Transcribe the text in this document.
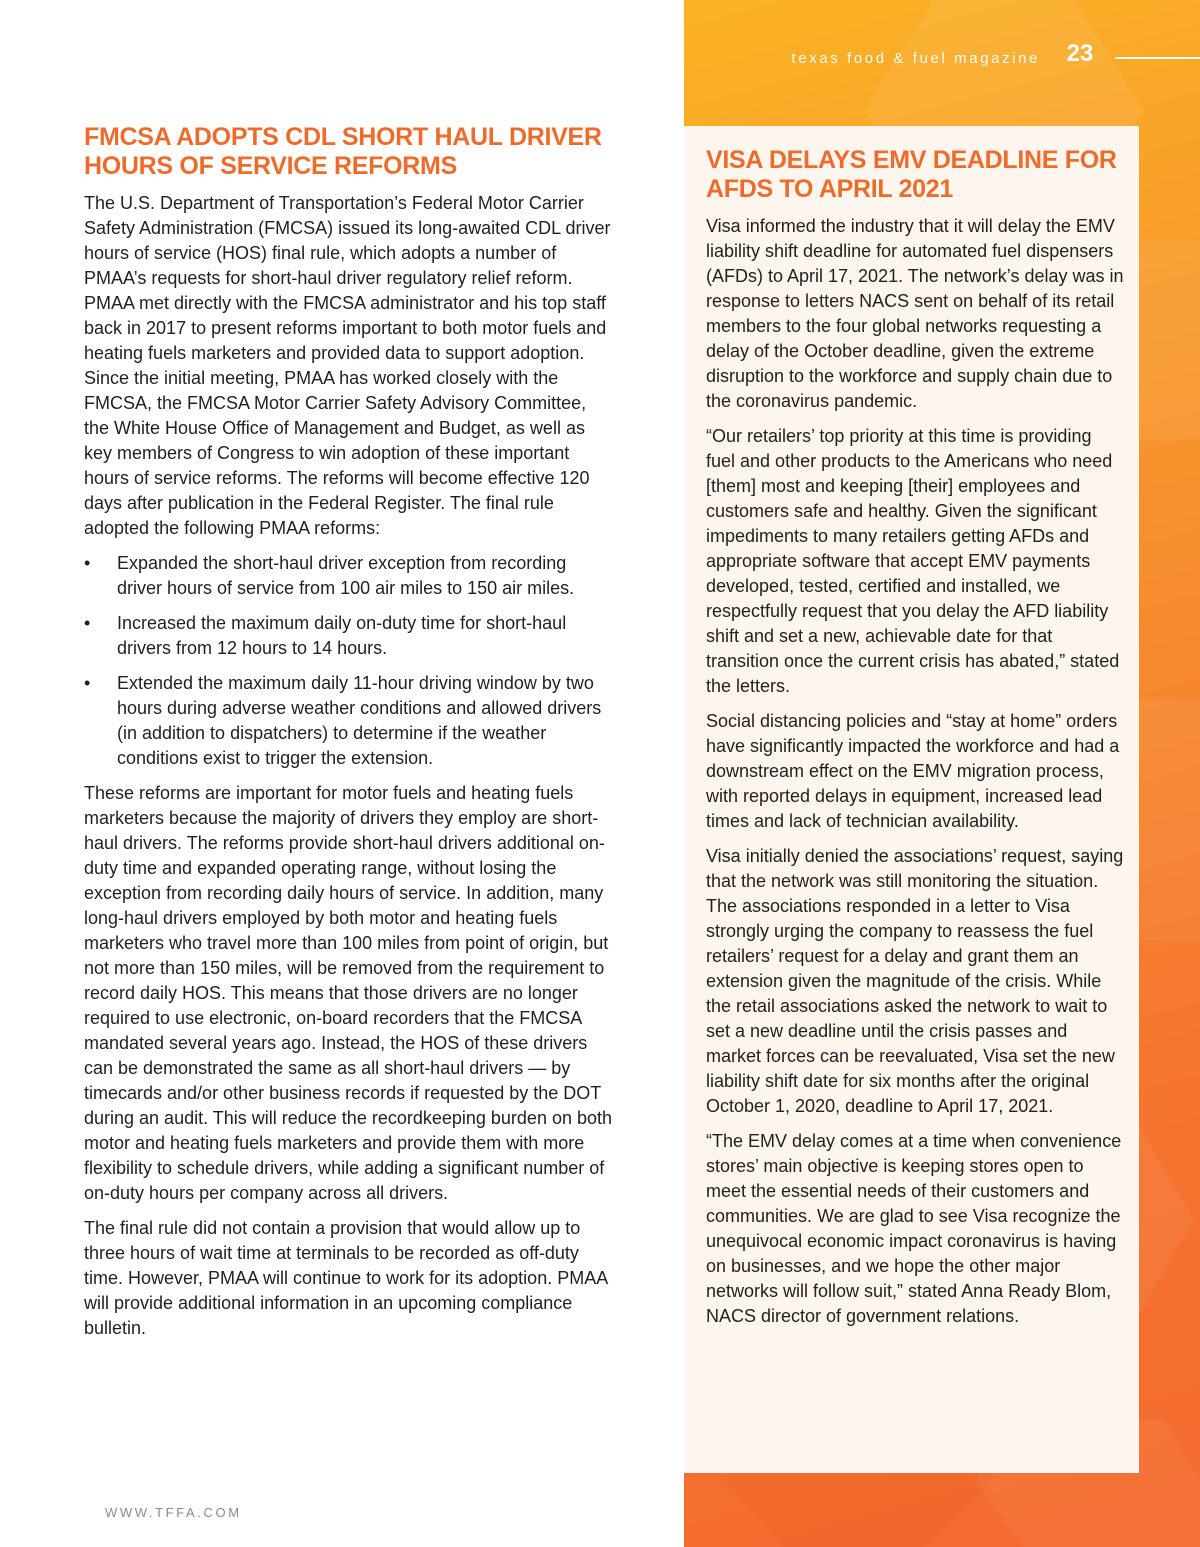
texas food & fuel magazine	23
FMCSA ADOPTS CDL SHORT HAUL DRIVER HOURS OF SERVICE REFORMS

The U.S. Department of Transportation’s Federal Motor Carrier Safety Administration (FMCSA) issued its long-awaited CDL driver hours of service (HOS) final rule, which adopts a number of PMAA’s requests for short-haul driver regulatory relief reform. PMAA met directly with the FMCSA administrator and his top staff back in 2017 to present reforms important to both motor fuels and heating fuels marketers and provided data to support adoption. Since the initial meeting, PMAA has worked closely with the FMCSA, the FMCSA Motor Carrier Safety Advisory Committee, the White House Office of Management and Budget, as well as key members of Congress to win adoption of these important hours of service reforms. The reforms will become effective 120 days after publication in the Federal Register. The final rule adopted the following PMAA reforms:

• Expanded the short-haul driver exception from recording driver hours of service from 100 air miles to 150 air miles.
• Increased the maximum daily on-duty time for short-haul drivers from 12 hours to 14 hours.
• Extended the maximum daily 11-hour driving window by two hours during adverse weather conditions and allowed drivers (in addition to dispatchers) to determine if the weather conditions exist to trigger the extension.

These reforms are important for motor fuels and heating fuels marketers because the majority of drivers they employ are short-haul drivers. The reforms provide short-haul drivers additional on-duty time and expanded operating range, without losing the exception from recording daily hours of service. In addition, many long-haul drivers employed by both motor and heating fuels marketers who travel more than 100 miles from point of origin, but not more than 150 miles, will be removed from the requirement to record daily HOS. This means that those drivers are no longer required to use electronic, on-board recorders that the FMCSA mandated several years ago. Instead, the HOS of these drivers can be demonstrated the same as all short-haul drivers — by timecards and/or other business records if requested by the DOT during an audit. This will reduce the recordkeeping burden on both motor and heating fuels marketers and provide them with more flexibility to schedule drivers, while adding a significant number of on-duty hours per company across all drivers.

The final rule did not contain a provision that would allow up to three hours of wait time at terminals to be recorded as off-duty time. However, PMAA will continue to work for its adoption. PMAA will provide additional information in an upcoming compliance bulletin.

VISA DELAYS EMV DEADLINE FOR AFDS TO APRIL 2021

Visa informed the industry that it will delay the EMV liability shift deadline for automated fuel dispensers (AFDs) to April 17, 2021. The network’s delay was in response to letters NACS sent on behalf of its retail members to the four global networks requesting a delay of the October deadline, given the extreme disruption to the workforce and supply chain due to the coronavirus pandemic.

“Our retailers’ top priority at this time is providing fuel and other products to the Americans who need [them] most and keeping [their] employees and customers safe and healthy. Given the significant impediments to many retailers getting AFDs and appropriate software that accept EMV payments developed, tested, certified and installed, we respectfully request that you delay the AFD liability shift and set a new, achievable date for that transition once the current crisis has abated,” stated the letters.

Social distancing policies and “stay at home” orders have significantly impacted the workforce and had a downstream effect on the EMV migration process, with reported delays in equipment, increased lead times and lack of technician availability.

Visa initially denied the associations’ request, saying that the network was still monitoring the situation. The associations responded in a letter to Visa strongly urging the company to reassess the fuel retailers’ request for a delay and grant them an extension given the magnitude of the crisis. While the retail associations asked the network to wait to set a new deadline until the crisis passes and market forces can be reevaluated, Visa set the new liability shift date for six months after the original October 1, 2020, deadline to April 17, 2021.

“The EMV delay comes at a time when convenience stores’ main objective is keeping stores open to meet the essential needs of their customers and communities. We are glad to see Visa recognize the unequivocal economic impact coronavirus is having on businesses, and we hope the other major networks will follow suit,” stated Anna Ready Blom, NACS director of government relations.

WWW.TFFA.COM
